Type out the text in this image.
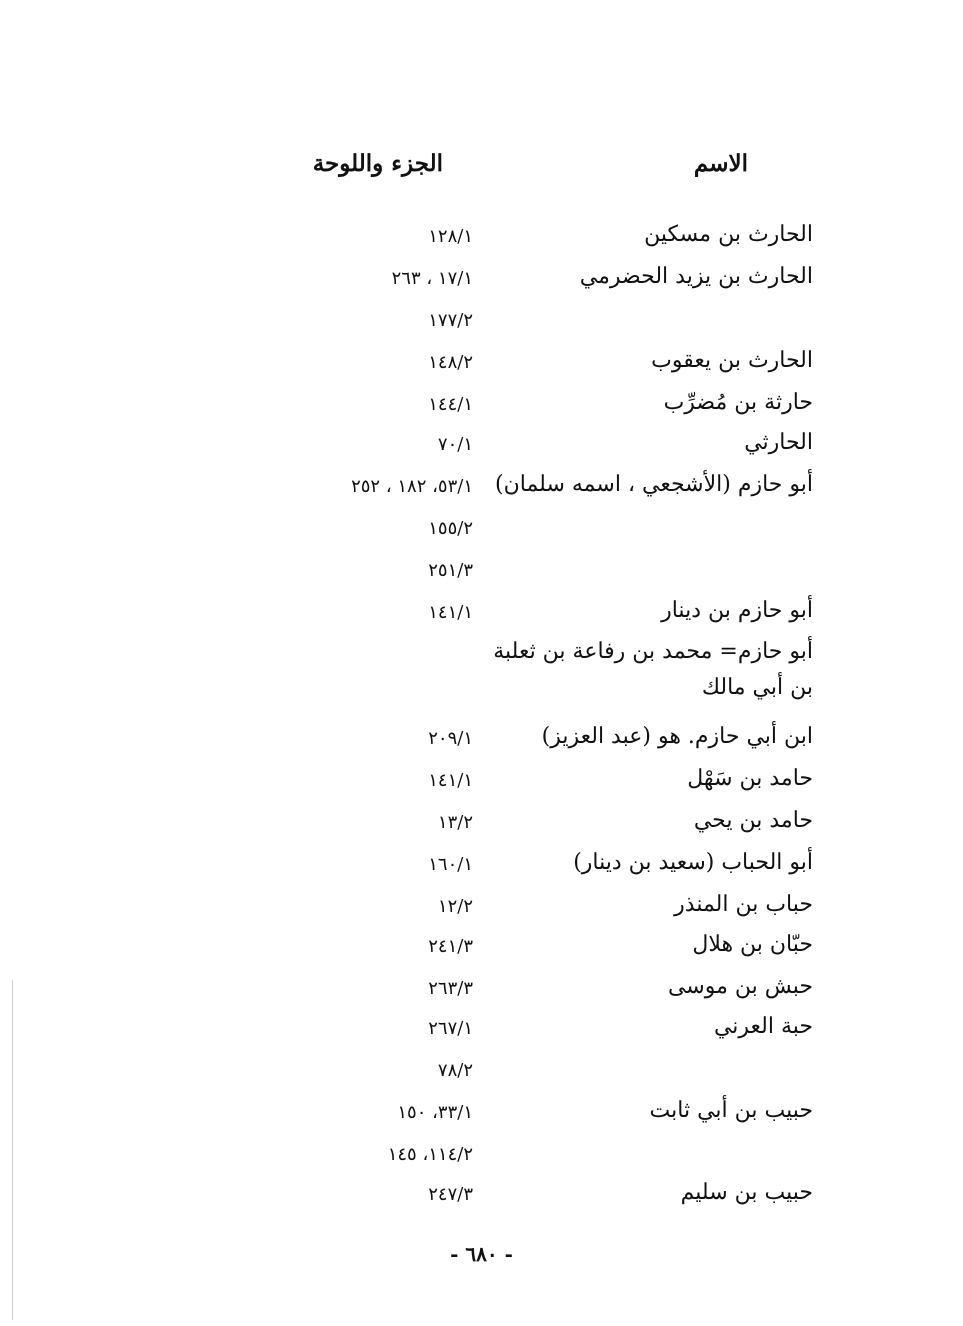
الاسم
الجزء واللوحة
الحارث بن مسكين
١٢٨/١
الحارث بن يزيد الحضرمي
١٧/١ ، ٢٦٣
١٧٧/٢
الحارث بن يعقوب
١٤٨/٢
حارثة بن مُضرِّب
١٤٤/١
الحارثي
٧٠/١
أبو حازم (الأشجعي ، اسمه سلمان)
٥٣/١، ١٨٢ ، ٢٥٢
١٥٥/٢
٢٥١/٣
أبو حازم بن دينار
١٤١/١
أبو حازم= محمد بن رفاعة بن ثعلبة بن أبي مالك
ابن أبي حازم. هو (عبد العزيز)
٢٠٩/١
حامد بن سَهْل
١٤١/١
حامد بن يحي
١٣/٢
أبو الحباب (سعيد بن دينار)
١٦٠/١
حباب بن المنذر
١٢/٢
حبّان بن هلال
٢٤١/٣
حبش بن موسى
٢٦٣/٣
حبة العرني
٢٦٧/١
٧٨/٢
حبيب بن أبي ثابت
٣٣/١، ١٥٠
١١٤/٢، ١٤٥
حبيب بن سليم
٢٤٧/٣
- ٦٨٠ -
